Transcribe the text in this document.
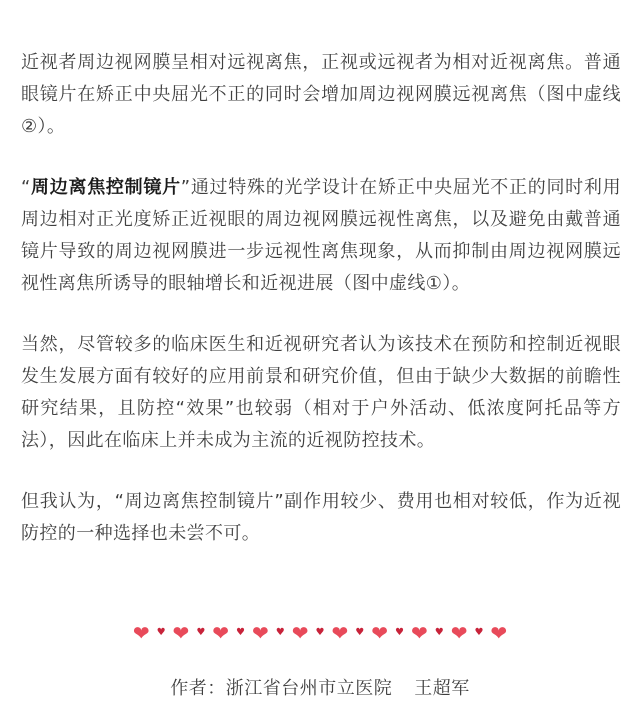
近视者周边视网膜呈相对远视离焦，正视或远视者为相对近视离焦。普通眼镜片在矫正中央屈光不正的同时会增加周边视网膜远视离焦（图中虚线②）。

“周边离焦控制镜片”通过特殊的光学设计在矫正中央屈光不正的同时利用周边相对正光度矫正近视眼的周边视网膜远视性离焦，以及避免由戴普通镜片导致的周边视网膜进一步远视性离焦现象，从而抑制由周边视网膜远视性离焦所诱导的眼轴增长和近视进展（图中虚线①）。

当然，尽管较多的临床医生和近视研究者认为该技术在预防和控制近视眼发生发展方面有较好的应用前景和研究价值，但由于缺少大数据的前瞻性研究结果，且防控“效果”也较弱（相对于户外活动、低浓度阿托品等方法），因此在临床上并未成为主流的近视防控技术。

但我认为，“周边离焦控制镜片”副作用较少、费用也相对较低，作为近视防控的一种选择也未尝不可。

❤ ♥ ❤ ♥ ❤ ♥ ❤ ♥ ❤ ♥ ❤ ♥ ❤ ♥ ❤ ♥ ❤ ♥ ❤
作者：浙江省台州市立医院 王超军
